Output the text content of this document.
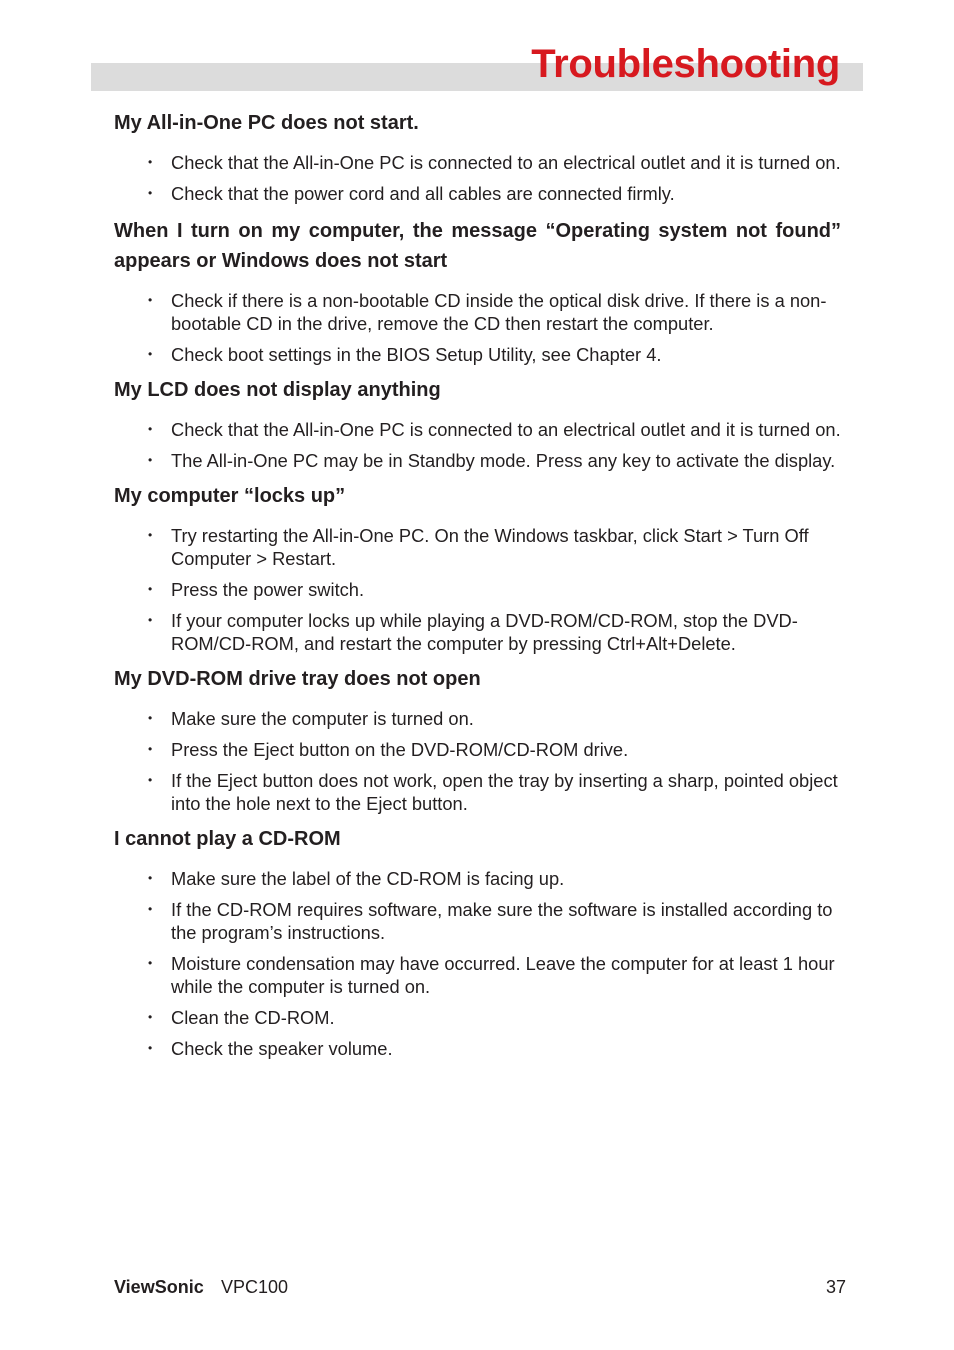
Troubleshooting
My All-in-One PC does not start.
• Check that the All-in-One PC is connected to an electrical outlet and it is turned on.
• Check that the power cord and all cables are connected firmly.
When I turn on my computer, the message “Operating system not found” appears or Windows does not start
• Check if there is a non-bootable CD inside the optical disk drive. If there is a non-bootable CD in the drive, remove the CD then restart the computer.
• Check boot settings in the BIOS Setup Utility, see Chapter 4.
My LCD does not display anything
• Check that the All-in-One PC is connected to an electrical outlet and it is turned on.
• The All-in-One PC may be in Standby mode. Press any key to activate the display.
My computer “locks up”
• Try restarting the All-in-One PC. On the Windows taskbar, click Start > Turn Off Computer > Restart.
• Press the power switch.
• If your computer locks up while playing a DVD-ROM/CD-ROM, stop the DVD-ROM/CD-ROM, and restart the computer by pressing Ctrl+Alt+Delete.
My DVD-ROM drive tray does not open
• Make sure the computer is turned on.
• Press the Eject button on the DVD-ROM/CD-ROM drive.
• If the Eject button does not work, open the tray by inserting a sharp, pointed object into the hole next to the Eject button.
I cannot play a CD-ROM
• Make sure the label of the CD-ROM is facing up.
• If the CD-ROM requires software, make sure the software is installed according to the program’s instructions.
• Moisture condensation may have occurred. Leave the computer for at least 1 hour while the computer is turned on.
• Clean the CD-ROM.
• Check the speaker volume.
ViewSonic VPC100	37
